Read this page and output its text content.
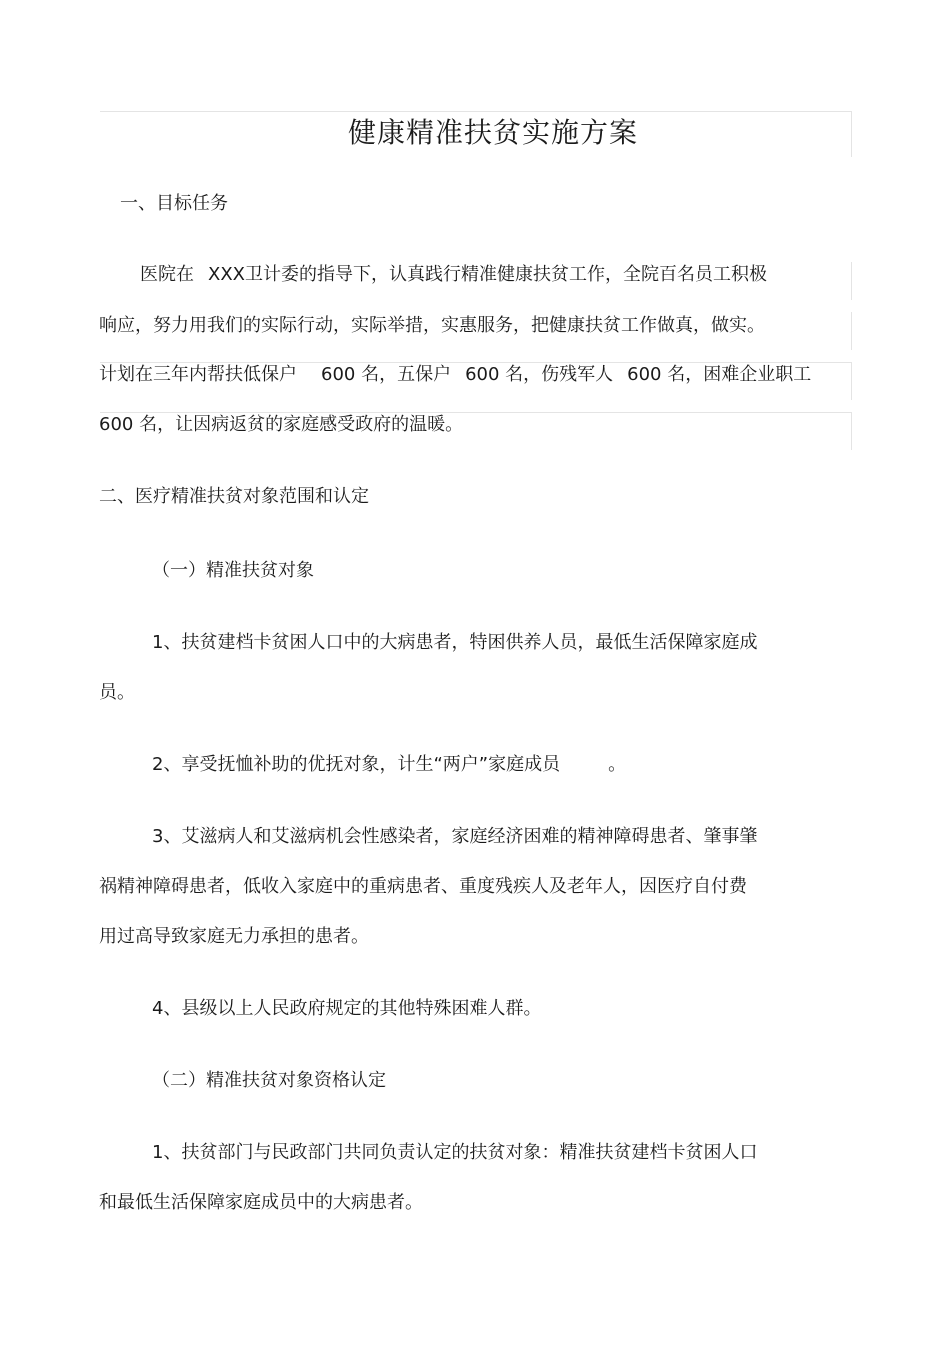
健康精准扶贫实施方案
一、目标任务
医院在 XXX卫计委的指导下，认真践行精准健康扶贫工作，全院百名员工积极
响应，努力用我们的实际行动，实际举措，实惠服务，把健康扶贫工作做真，做实。
计划在三年内帮扶低保户 600 名，五保户 600 名，伤残军人 600 名，困难企业职工
600 名，让因病返贫的家庭感受政府的温暖。
二、医疗精准扶贫对象范围和认定
（一）精准扶贫对象
1、扶贫建档卡贫困人口中的大病患者，特困供养人员，最低生活保障家庭成
员。
2、享受抚恤补助的优抚对象，计生“两户”家庭成员	。
3、艾滋病人和艾滋病机会性感染者，家庭经济困难的精神障碍患者、肇事肇
祸精神障碍患者，低收入家庭中的重病患者、重度残疾人及老年人，因医疗自付费
用过高导致家庭无力承担的患者。
4、县级以上人民政府规定的其他特殊困难人群。
（二）精准扶贫对象资格认定
1、扶贫部门与民政部门共同负责认定的扶贫对象：精准扶贫建档卡贫困人口
和最低生活保障家庭成员中的大病患者。
